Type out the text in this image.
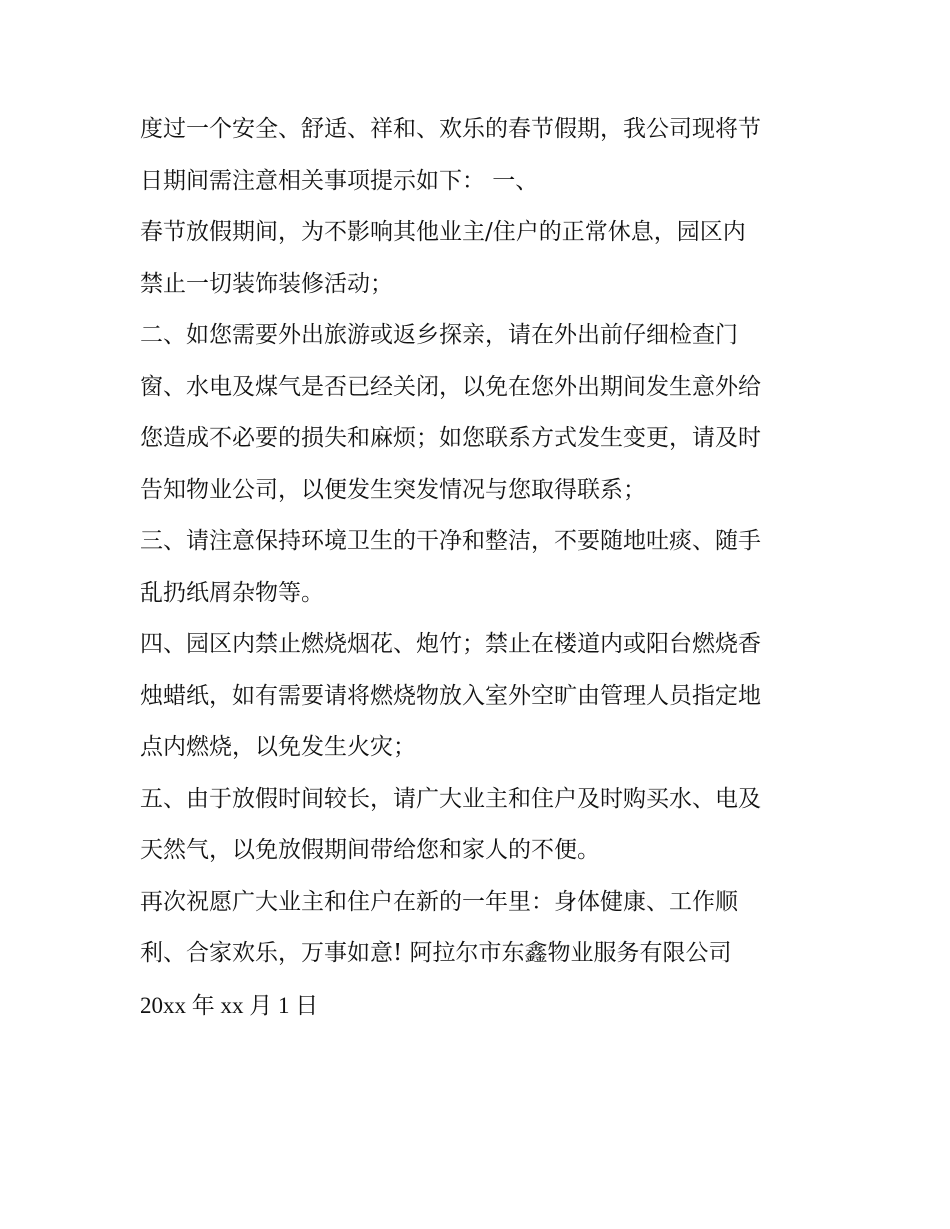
度过一个安全、舒适、祥和、欢乐的春节假期，我公司现将节
日期间需注意相关事项提示如下： 一、
春节放假期间，为不影响其他业主/住户的正常休息，园区内
禁止一切装饰装修活动；
二、如您需要外出旅游或返乡探亲，请在外出前仔细检查门
窗、水电及煤气是否已经关闭，以免在您外出期间发生意外给
您造成不必要的损失和麻烦；如您联系方式发生变更，请及时
告知物业公司，以便发生突发情况与您取得联系；
三、请注意保持环境卫生的干净和整洁，不要随地吐痰、随手
乱扔纸屑杂物等。
四、园区内禁止燃烧烟花、炮竹；禁止在楼道内或阳台燃烧香
烛蜡纸，如有需要请将燃烧物放入室外空旷由管理人员指定地
点内燃烧，以免发生火灾；
五、由于放假时间较长，请广大业主和住户及时购买水、电及
天然气，以免放假期间带给您和家人的不便。
再次祝愿广大业主和住户在新的一年里：身体健康、工作顺
利、合家欢乐，万事如意! 阿拉尔市东鑫物业服务有限公司
20xx 年 xx 月 1 日
